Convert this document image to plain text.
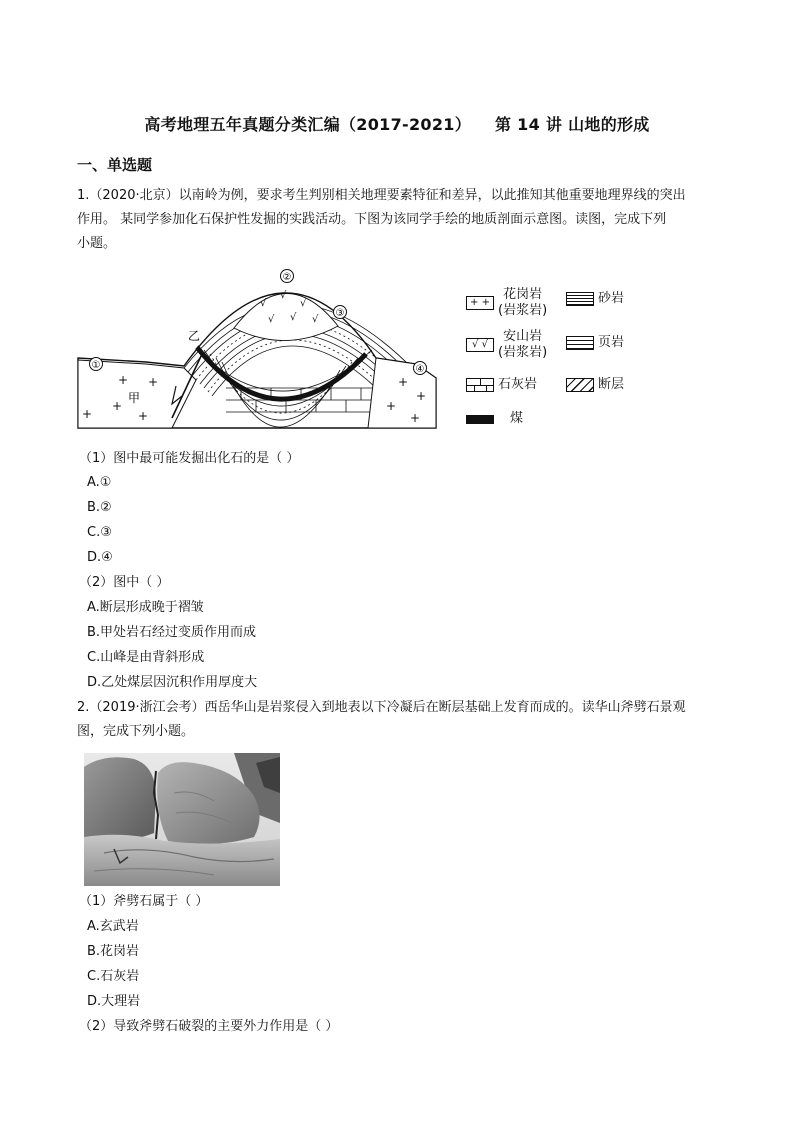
高考地理五年真题分类汇编（2017-2021） 第 14 讲 山地的形成
一、单选题
1.（2020·北京）以南岭为例，要求考生判别相关地理要素特征和差异，以此推知其他重要地理界线的突出
作用。 某同学参加化石保护性发掘的实践活动。下图为该同学手绘的地质剖面示意图。读图，完成下列
小题。
√
√
√
√ √ √
+ +
+
+
+
+
+
+
+
②
③
①	④
乙
甲
+ +
花岗岩
(岩浆岩)
砂岩
√ √
安山岩
(岩浆岩)
页岩
石灰岩	断层
煤
（1）图中最可能发掘出化石的是（ ）
A.①
B.②
C.③
D.④
（2）图中（ ）
A.断层形成晚于褶皱
B.甲处岩石经过变质作用而成
C.山峰是由背斜形成
D.乙处煤层因沉积作用厚度大
2.（2019·浙江会考）西岳华山是岩浆侵入到地表以下冷凝后在断层基础上发育而成的。读华山斧劈石景观
图，完成下列小题。
（1）斧劈石属于（ ）
A.玄武岩
B.花岗岩
C.石灰岩
D.大理岩
（2）导致斧劈石破裂的主要外力作用是（ ）
